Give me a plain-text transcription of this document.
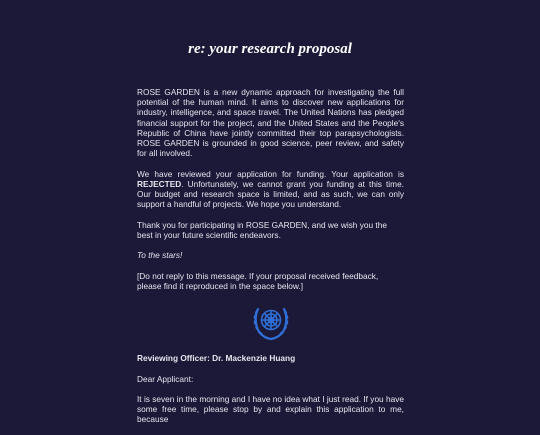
re: your research proposal

ROSE GARDEN is a new dynamic approach for investigating the full potential of the human mind. It aims to discover new applications for industry, intelligence, and space travel. The United Nations has pledged financial support for the project, and the United States and the People's Republic of China have jointly committed their top parapsychologists. ROSE GARDEN is grounded in good science, peer review, and safety for all involved.

We have reviewed your application for funding. Your application is REJECTED. Unfortunately, we cannot grant you funding at this time. Our budget and research space is limited, and as such, we can only support a handful of projects. We hope you understand.

Thank you for participating in ROSE GARDEN, and we wish you the best in your future scientific endeavors.

To the stars!

[Do not reply to this message. If your proposal received feedback, please find it reproduced in the space below.]

Reviewing Officer: Dr. Mackenzie Huang

Dear Applicant:

It is seven in the morning and I have no idea what I just read. If you have some free time, please stop by and explain this application to me, because
